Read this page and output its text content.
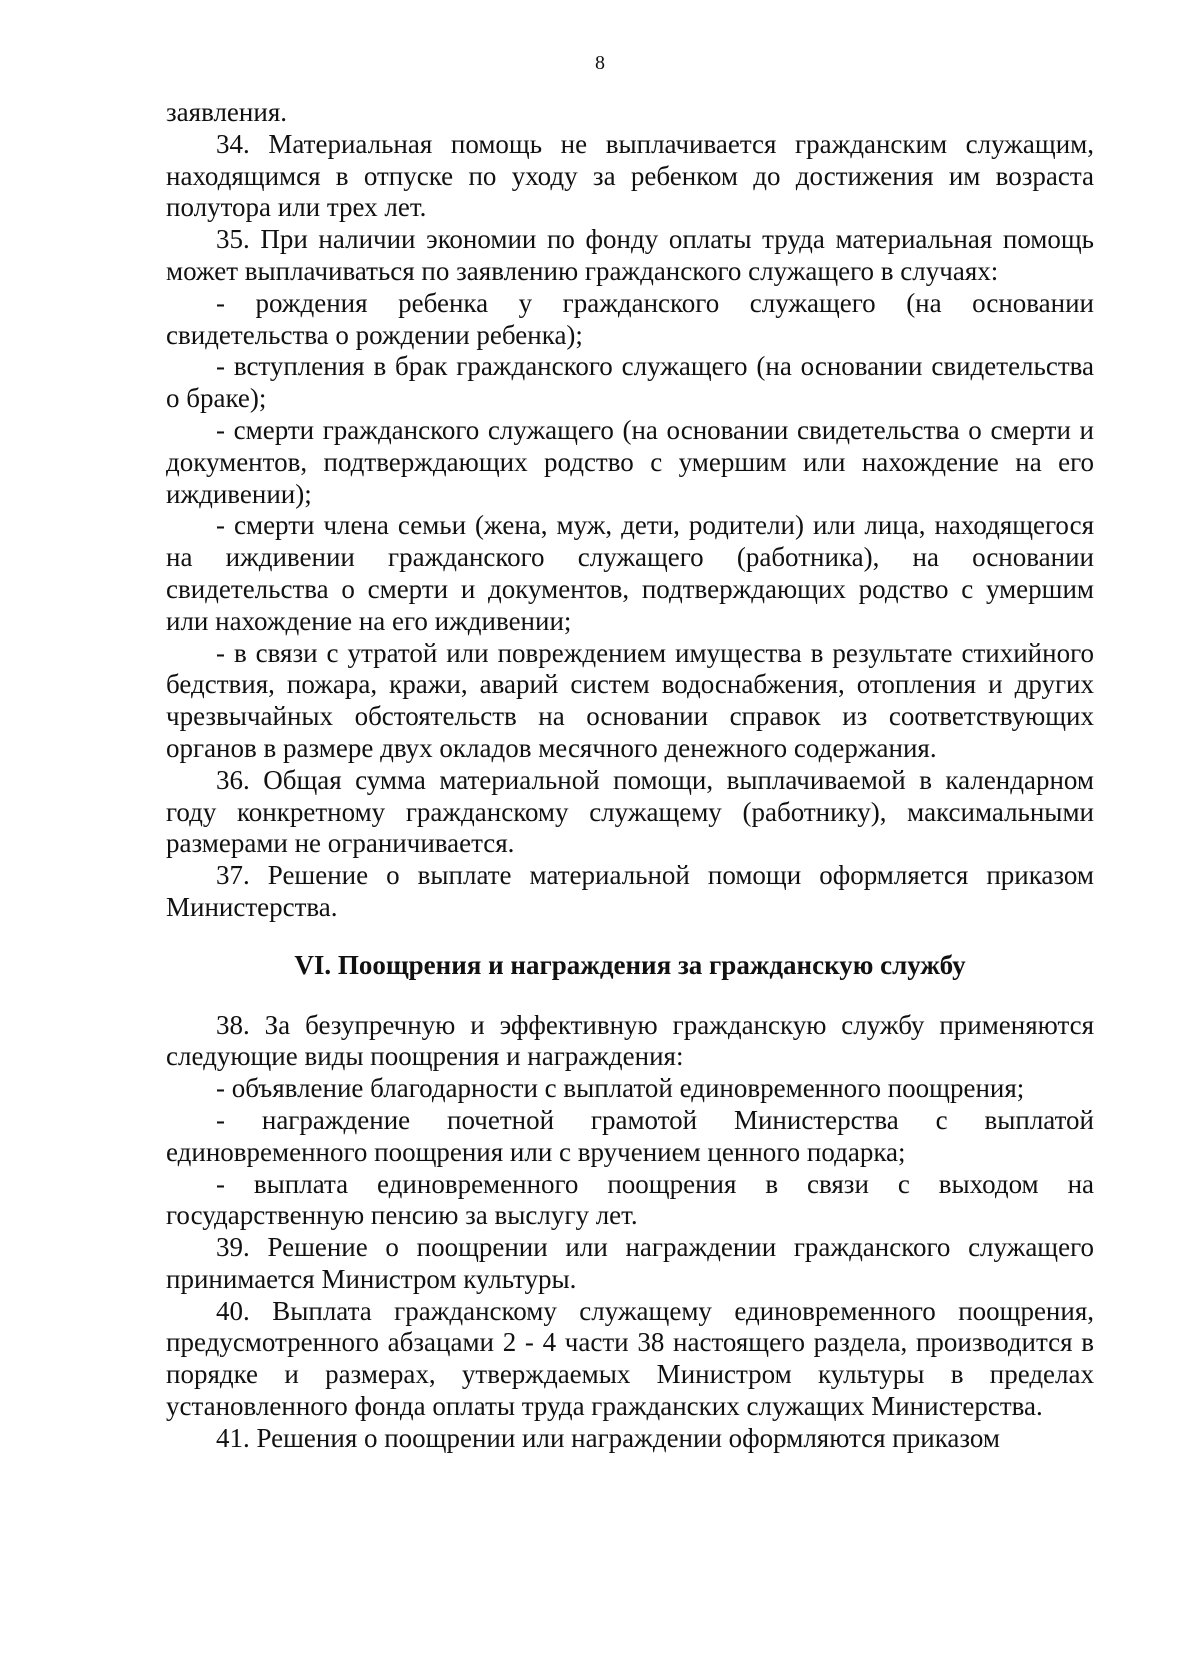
8

заявления.

34. Материальная помощь не выплачивается гражданским служащим, находящимся в отпуске по уходу за ребенком до достижения им возраста полутора или трех лет.

35. При наличии экономии по фонду оплаты труда материальная помощь может выплачиваться по заявлению гражданского служащего в случаях:

- рождения ребенка у гражданского служащего (на основании свидетельства о рождении ребенка);

- вступления в брак гражданского служащего (на основании свидетельства о браке);

- смерти гражданского служащего (на основании свидетельства о смерти и документов, подтверждающих родство с умершим или нахождение на его иждивении);

- смерти члена семьи (жена, муж, дети, родители) или лица, находящегося на иждивении гражданского служащего (работника), на основании свидетельства о смерти и документов, подтверждающих родство с умершим или нахождение на его иждивении;

- в связи с утратой или повреждением имущества в результате стихийного бедствия, пожара, кражи, аварий систем водоснабжения, отопления и других чрезвычайных обстоятельств на основании справок из соответствующих органов в размере двух окладов месячного денежного содержания.

36. Общая сумма материальной помощи, выплачиваемой в календарном году конкретному гражданскому служащему (работнику), максимальными размерами не ограничивается.

37. Решение о выплате материальной помощи оформляется приказом Министерства.

VI. Поощрения и награждения за гражданскую службу

38. За безупречную и эффективную гражданскую службу применяются следующие виды поощрения и награждения:

- объявление благодарности с выплатой единовременного поощрения;

- награждение почетной грамотой Министерства с выплатой единовременного поощрения или с вручением ценного подарка;

- выплата единовременного поощрения в связи с выходом на государственную пенсию за выслугу лет.

39. Решение о поощрении или награждении гражданского служащего принимается Министром культуры.

40. Выплата гражданскому служащему единовременного поощрения, предусмотренного абзацами 2 - 4 части 38 настоящего раздела, производится в порядке и размерах, утверждаемых Министром культуры в пределах установленного фонда оплаты труда гражданских служащих Министерства.

41. Решения о поощрении или награждении оформляются приказом
